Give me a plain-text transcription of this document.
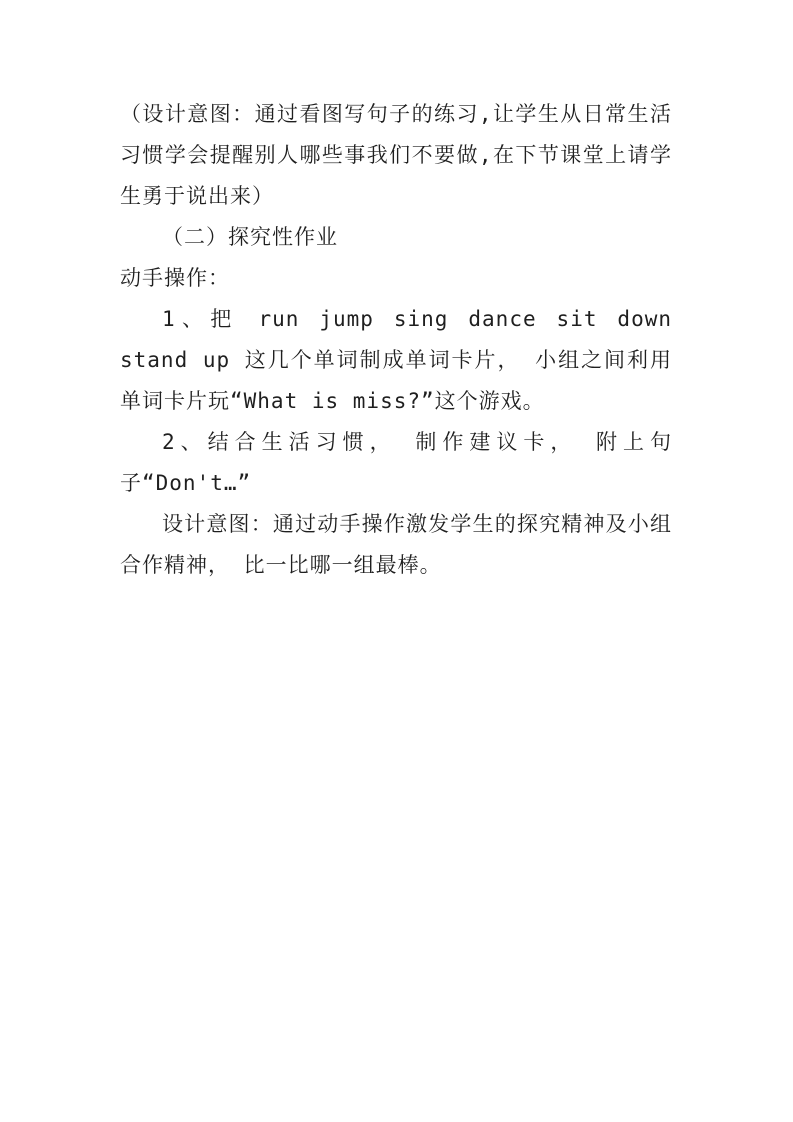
（设计意图：通过看图写句子的练习,让学生从日常生活习惯学会提醒别人哪些事我们不要做,在下节课堂上请学生勇于说出来）

（二）探究性作业

动手操作：

1、把 run jump sing dance sit down stand up 这几个单词制成单词卡片， 小组之间利用单词卡片玩“What is miss?”这个游戏。

2、结合生活习惯， 制作建议卡， 附上句子“Don't…”

设计意图：通过动手操作激发学生的探究精神及小组合作精神， 比一比哪一组最棒。
